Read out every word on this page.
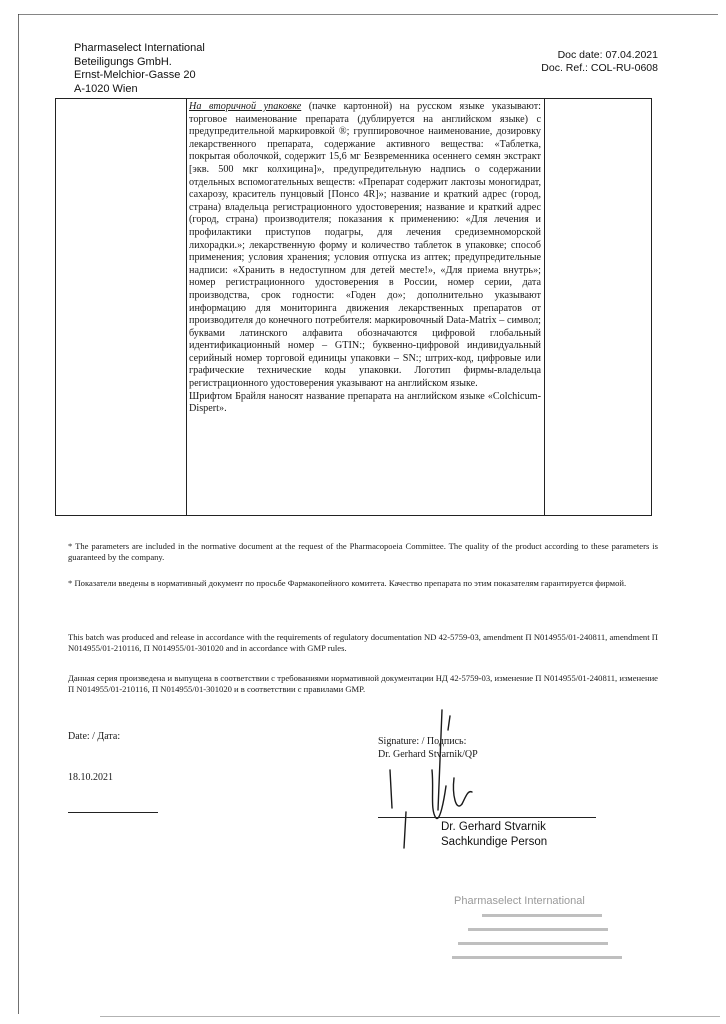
Pharmaselect International
Beteiligungs GmbH.
Ernst-Melchior-Gasse 20
A-1020 Wien
Doc date: 07.04.2021
Doc. Ref.: COL-RU-0608

На вторичной упаковке (пачке картонной) на русском языке указывают: торговое наименование препарата (дублируется на английском языке) с предупредительной маркировкой ®; группировочное наименование, дозировку лекарственного препарата, содержание активного вещества: «Таблетка, покрытая оболочкой, содержит 15,6 мг Безвременника осеннего семян экстракт [экв. 500 мкг колхицина]», предупредительную надпись о содержании отдельных вспомогательных веществ: «Препарат содержит лактозы моногидрат, сахарозу, краситель пунцовый [Понсо 4R]»; название и краткий адрес (город, страна) владельца регистрационного удостоверения; название и краткий адрес (город, страна) производителя; показания к применению: «Для лечения и профилактики приступов подагры, для лечения средиземноморской лихорадки.»; лекарственную форму и количество таблеток в упаковке; способ применения; условия хранения; условия отпуска из аптек; предупредительные надписи: «Хранить в недоступном для детей месте!», «Для приема внутрь»; номер регистрационного удостоверения в России, номер серии, дата производства, срок годности: «Годен до»; дополнительно указывают информацию для мониторинга движения лекарственных препаратов от производителя до конечного потребителя: маркировочный Data-Matrix – символ; буквами латинского алфавита обозначаются цифровой глобальный идентификационный номер – GTIN:; буквенно-цифровой индивидуальный серийный номер торговой единицы упаковки – SN:; штрих-код, цифровые или графические технические коды упаковки. Логотип фирмы-владельца регистрационного удостоверения указывают на английском языке.

Шрифтом Брайля наносят название препарата на английском языке «Colchicum-Dispert».

* The parameters are included in the normative document at the request of the Pharmacopoeia Committee. The quality of the product according to these parameters is guaranteed by the company.

* Показатели введены в нормативный документ по просьбе Фармакопейного комитета. Качество препарата по этим показателям гарантируется фирмой.

This batch was produced and release in accordance with the requirements of regulatory documentation ND 42-5759-03, amendment П N014955/01-240811, amendment П N014955/01-210116, П N014955/01-301020 and in accordance with GMP rules.

Данная серия произведена и выпущена в соответствии с требованиями нормативной документации НД 42-5759-03, изменение П N014955/01-240811, изменение П N014955/01-210116, П N014955/01-301020 и в соответствии с правилами GMP.

Date: / Дата:
18.10.2021
Signature: / Подпись:
Dr. Gerhard Stvarnik/QP
Dr. Gerhard Stvarnik
Sachkundige Person
Pharmaselect International
